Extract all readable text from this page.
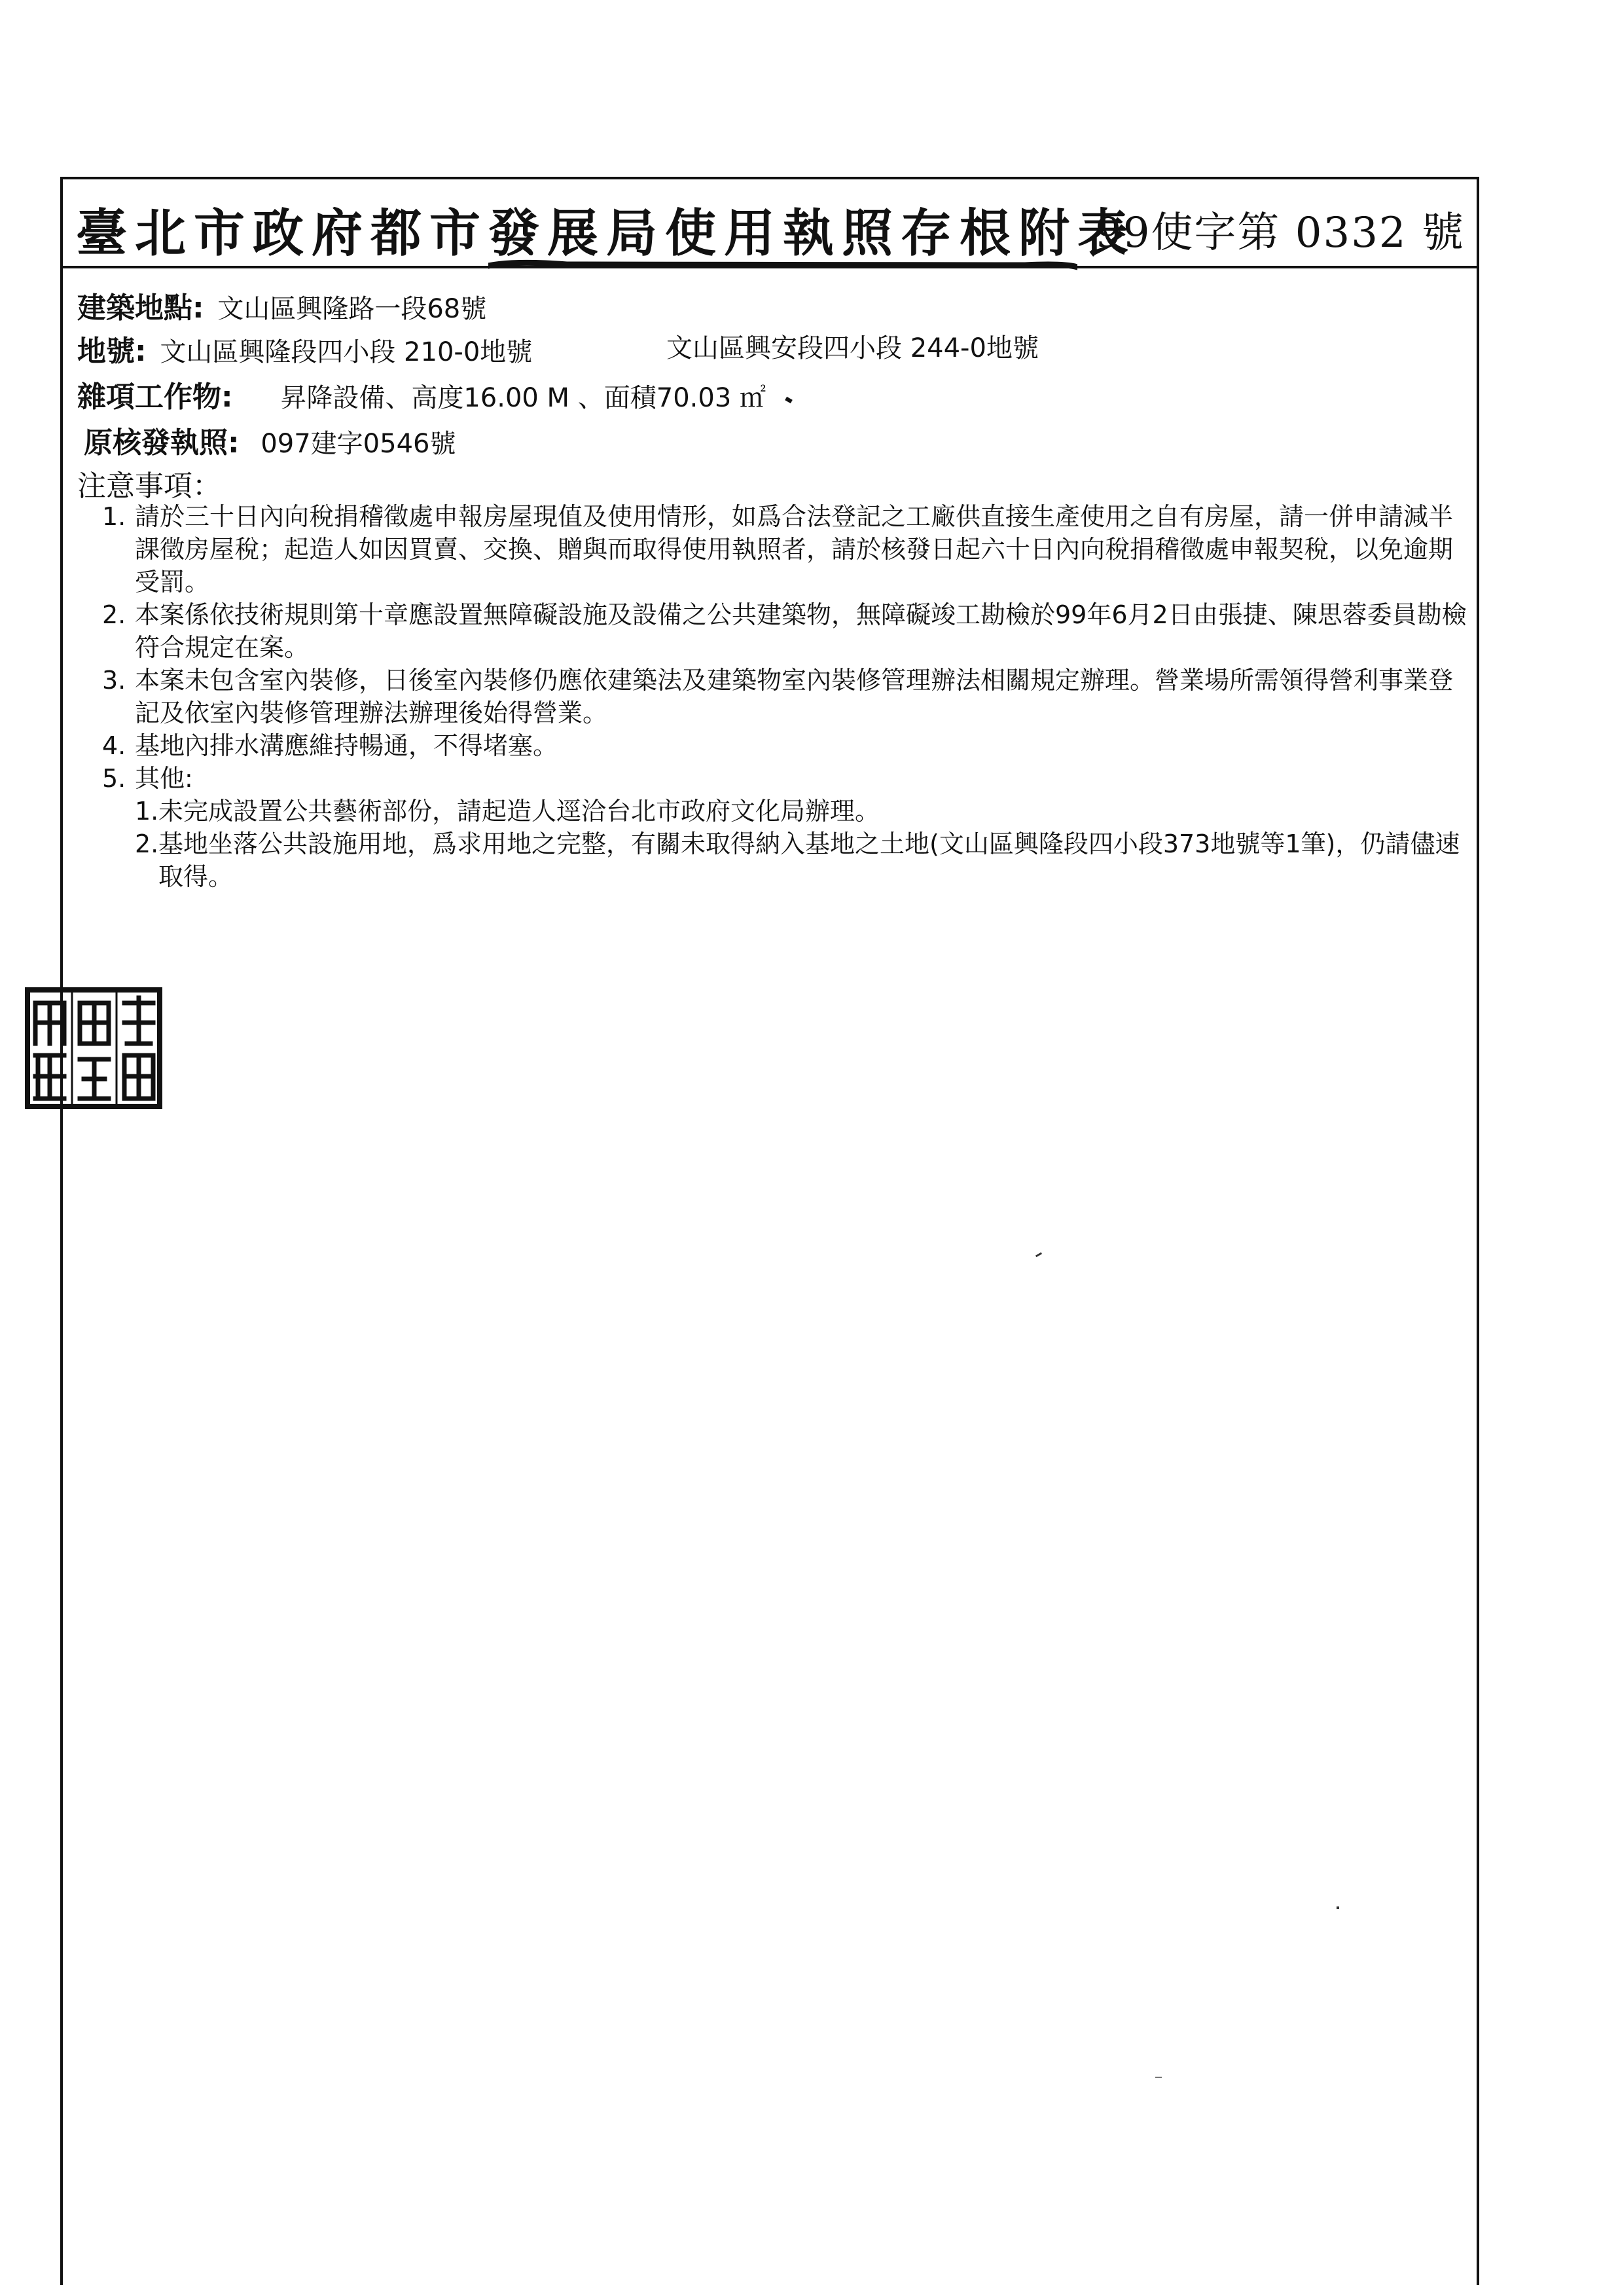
臺北市政府都市發展局使用執照存根附表
99使字第 0332 號
建築地點: 文山區興隆路一段68號
地號: 文山區興隆段四小段 210-0地號	文山區興安段四小段 244-0地號
雜項工作物: 昇降設備、高度16.00 M 、面積70.03 ㎡
原核發執照: 097建字0546號
注意事項：
1. 請於三十日內向稅捐稽徵處申報房屋現值及使用情形，如爲合法登記之工廠供直接生產使用之自有房屋，請一併申請減半課徵房屋稅；起造人如因買賣、交換、贈與而取得使用執照者，請於核發日起六十日內向稅捐稽徵處申報契稅，以免逾期受罰。
2. 本案係依技術規則第十章應設置無障礙設施及設備之公共建築物，無障礙竣工勘檢於99年6月2日由張捷、陳思蓉委員勘檢符合規定在案。
3. 本案未包含室內裝修，日後室內裝修仍應依建築法及建築物室內裝修管理辦法相關規定辦理。營業場所需領得營利事業登記及依室內裝修管理辦法辦理後始得營業。
4. 基地內排水溝應維持暢通，不得堵塞。
5. 其他:
1. 未完成設置公共藝術部份，請起造人逕洽台北市政府文化局辦理。
2. 基地坐落公共設施用地，爲求用地之完整，有關未取得納入基地之土地(文山區興隆段四小段373地號等1筆)，仍請儘速取得。
